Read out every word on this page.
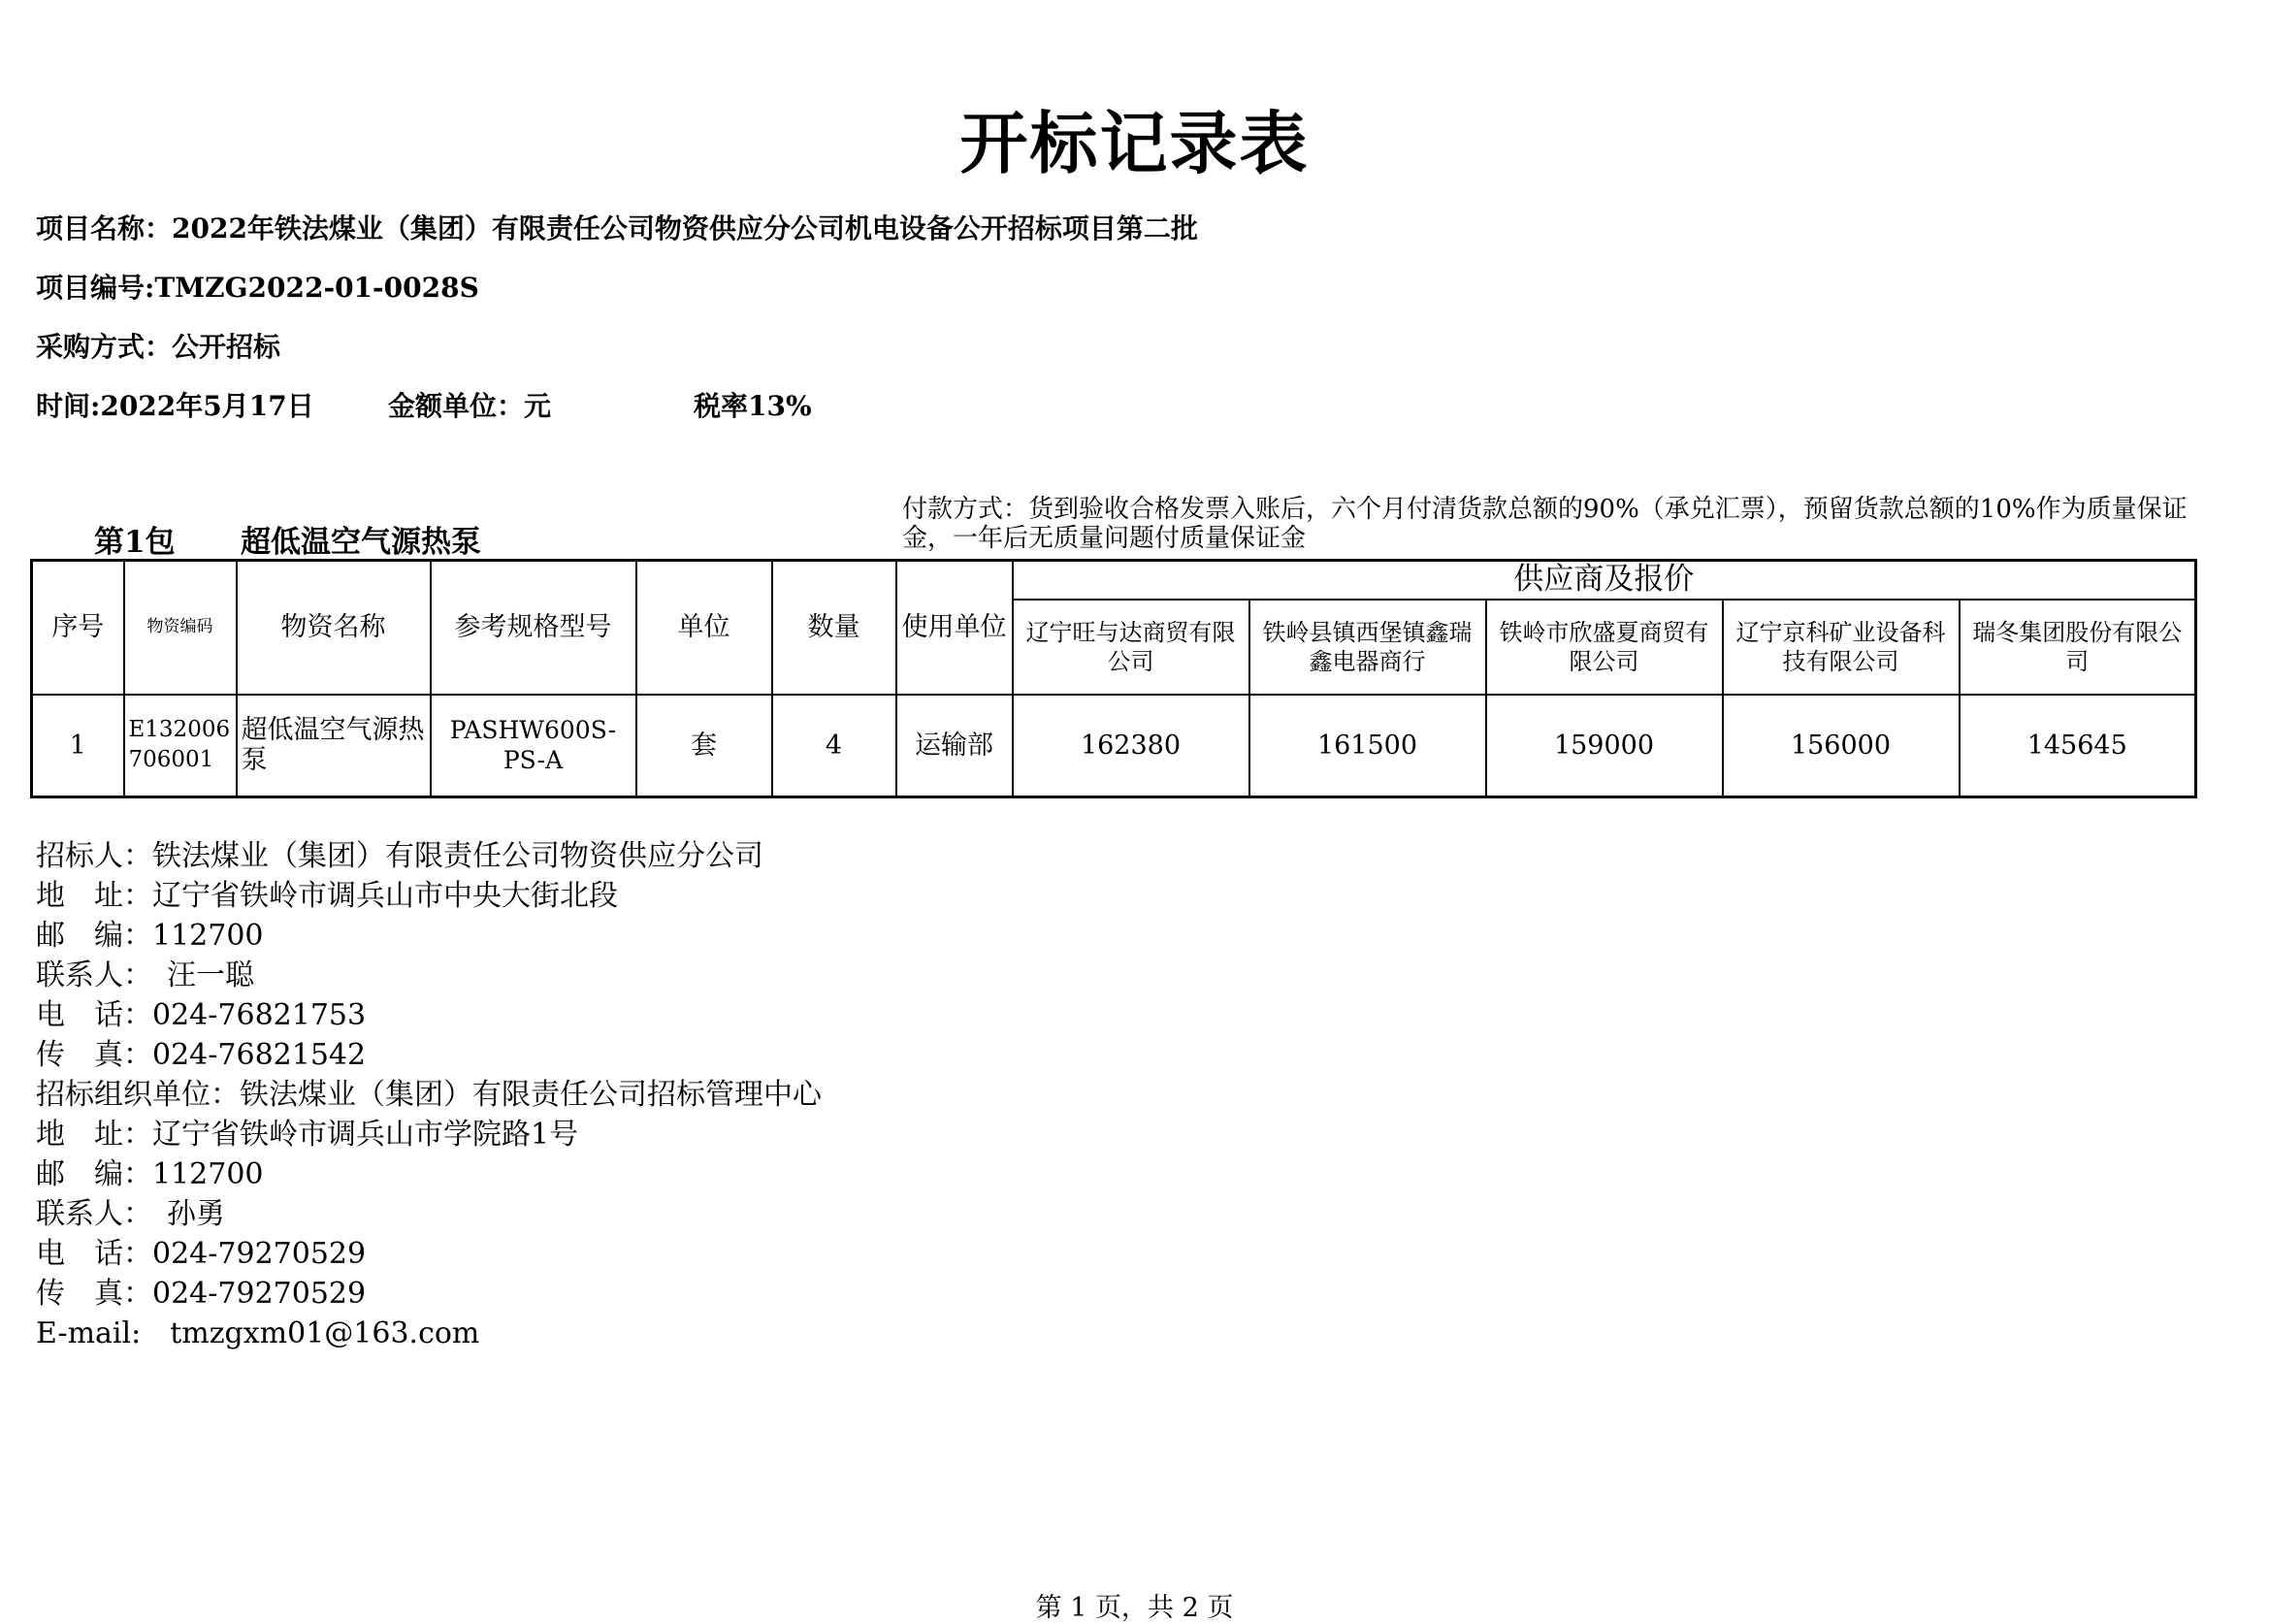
开标记录表
项目名称：2022年铁法煤业（集团）有限责任公司物资供应分公司机电设备公开招标项目第二批
项目编号:TMZG2022-01-0028S
采购方式：公开招标
时间:2022年5月17日	金额单位：元	税率13%
第1包 超低温空气源热泵
付款方式：货到验收合格发票入账后，六个月付清货款总额的90%（承兑汇票），预留货款总额的10%作为质量保证金，一年后无质量问题付质量保证金
序号	物资编码	物资名称	参考规格型号	单位	数量	使用单位	供应商及报价				
							辽宁旺与达商贸有限公司	铁岭县镇西堡镇鑫瑞鑫电器商行	铁岭市欣盛夏商贸有限公司	辽宁京科矿业设备科技有限公司	瑞冬集团股份有限公司
1	E132006706001	超低温空气源热泵	PASHW600S-PS-A	套	4	运输部	162380	161500	159000	156000	145645
招标人：铁法煤业（集团）有限责任公司物资供应分公司
地　址：辽宁省铁岭市调兵山市中央大街北段
邮　编：112700
联系人：　汪一聪
电　话：024-76821753
传　真：024-76821542
招标组织单位：铁法煤业（集团）有限责任公司招标管理中心
地　址：辽宁省铁岭市调兵山市学院路1号
邮　编：112700
联系人：　孙勇
电　话：024-79270529
传　真：024-79270529
E-mail:　tmzgxm01@163.com
第 1 页，共 2 页
